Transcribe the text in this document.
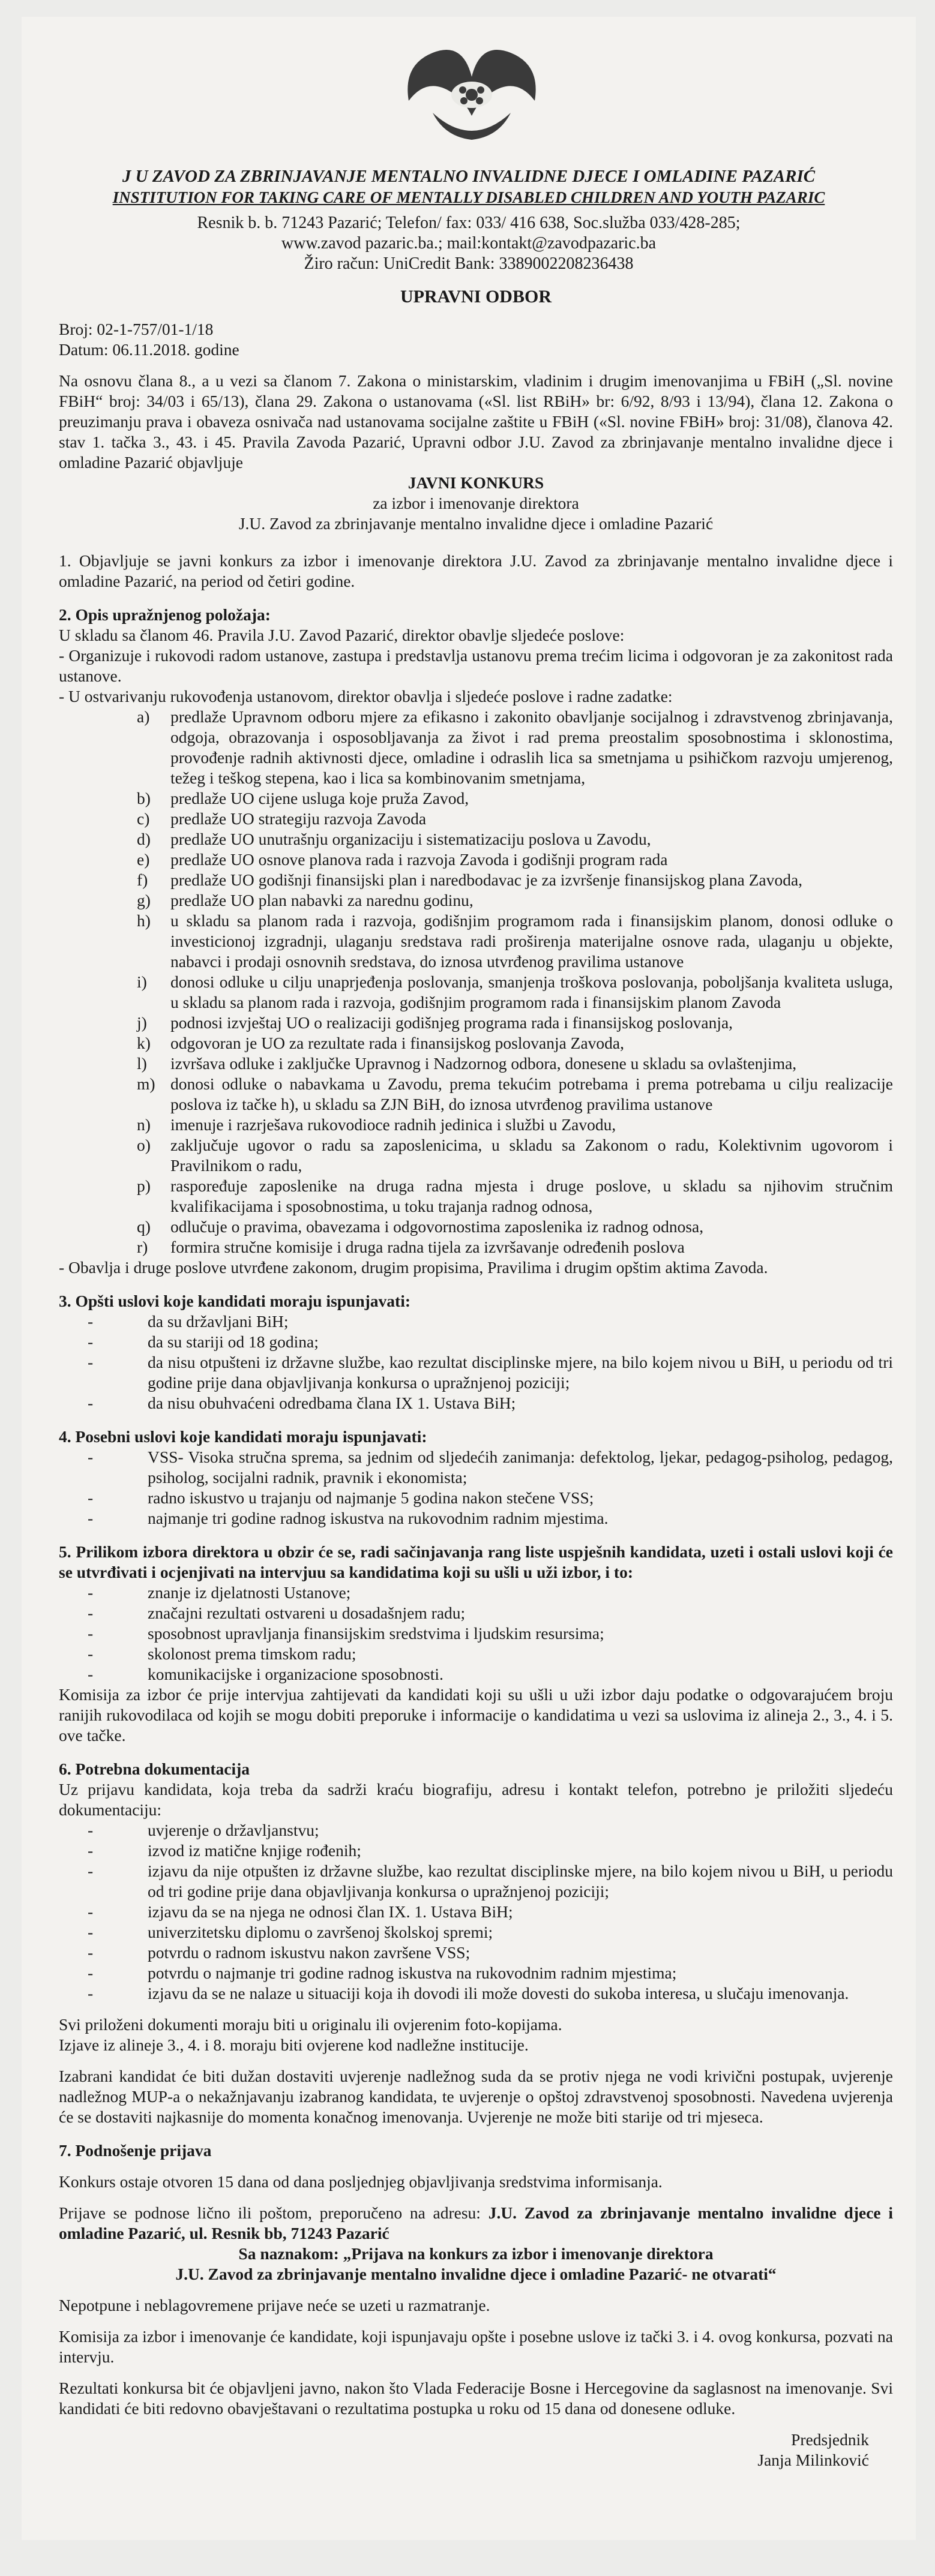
J U ZAVOD ZA ZBRINJAVANJE MENTALNO INVALIDNE DJECE I OMLADINE PAZARIĆ
INSTITUTION FOR TAKING CARE OF MENTALLY DISABLED CHILDREN AND YOUTH PAZARIC
Resnik b. b. 71243 Pazarić; Telefon/ fax: 033/ 416 638, Soc.služba 033/428-285;
www.zavod pazaric.ba.; mail:kontakt@zavodpazaric.ba
Žiro račun: UniCredit Bank: 3389002208236438
UPRAVNI ODBOR

Broj: 02-1-757/01-1/18

Datum: 06.11.2018. godine

Na osnovu člana 8., a u vezi sa članom 7. Zakona o ministarskim, vladinim i drugim imenovanjima u FBiH („Sl. novine FBiH“ broj: 34/03 i 65/13), člana 29. Zakona o ustanovama («Sl. list RBiH» br: 6/92, 8/93 i 13/94), člana 12. Zakona o preuzimanju prava i obaveza osnivača nad ustanovama socijalne zaštite u FBiH («Sl. novine FBiH» broj: 31/08), članova 42. stav 1. tačka 3., 43. i 45. Pravila Zavoda Pazarić, Upravni odbor J.U. Zavod za zbrinjavanje mentalno invalidne djece i omladine Pazarić objavljuje

JAVNI KONKURS

za izbor i imenovanje direktora

J.U. Zavod za zbrinjavanje mentalno invalidne djece i omladine Pazarić

1. Objavljuje se javni konkurs za izbor i imenovanje direktora J.U. Zavod za zbrinjavanje mentalno invalidne djece i omladine Pazarić, na period od četiri godine.

2. Opis upražnjenog položaja:

U skladu sa članom 46. Pravila J.U. Zavod Pazarić, direktor obavlje sljedeće poslove:

- Organizuje i rukovodi radom ustanove, zastupa i predstavlja ustanovu prema trećim licima i odgovoran je za zakonitost rada ustanove.

- U ostvarivanju rukovođenja ustanovom, direktor obavlja i sljedeće poslove i radne zadatke:

a)	predlaže Upravnom odboru mjere za efikasno i zakonito obavljanje socijalnog i zdravstvenog zbrinjavanja, odgoja, obrazovanja i osposobljavanja za život i rad prema preostalim sposobnostima i sklonostima, provođenje radnih aktivnosti djece, omladine i odraslih lica sa smetnjama u psihičkom razvoju umjerenog, težeg i teškog stepena, kao i lica sa kombinovanim smetnjama,
b)	predlaže UO cijene usluga koje pruža Zavod,
c)	predlaže UO strategiju razvoja Zavoda
d)	predlaže UO unutrašnju organizaciju i sistematizaciju poslova u Zavodu,
e)	predlaže UO osnove planova rada i razvoja Zavoda i godišnji program rada
f)	predlaže UO godišnji finansijski plan i naredbodavac je za izvršenje finansijskog plana Zavoda,
g)	predlaže UO plan nabavki za narednu godinu,
h)	u skladu sa planom rada i razvoja, godišnjim programom rada i finansijskim planom, donosi odluke o investicionoj izgradnji, ulaganju sredstava radi proširenja materijalne osnove rada, ulaganju u objekte, nabavci i prodaji osnovnih sredstava, do iznosa utvrđenog pravilima ustanove
i)	donosi odluke u cilju unaprjeđenja poslovanja, smanjenja troškova poslovanja, poboljšanja kvaliteta usluga, u skladu sa planom rada i razvoja, godišnjim programom rada i finansijskim planom Zavoda
j)	podnosi izvještaj UO o realizaciji godišnjeg programa rada i finansijskog poslovanja,
k)	odgovoran je UO za rezultate rada i finansijskog poslovanja Zavoda,
l)	izvršava odluke i zaključke Upravnog i Nadzornog odbora, donesene u skladu sa ovlaštenjima,
m) donosi odluke o nabavkama u Zavodu, prema tekućim potrebama i prema potrebama u cilju realizacije poslova iz tačke h), u skladu sa ZJN BiH, do iznosa utvrđenog pravilima ustanove
n)	imenuje i razrješava rukovodioce radnih jedinica i službi u Zavodu,
o)	zaključuje ugovor o radu sa zaposlenicima, u skladu sa Zakonom o radu, Kolektivnim ugovorom i Pravilnikom o radu,
p)	raspoređuje zaposlenike na druga radna mjesta i druge poslove, u skladu sa njihovim stručnim kvalifikacijama i sposobnostima, u toku trajanja radnog odnosa,
q)	odlučuje o pravima, obavezama i odgovornostima zaposlenika iz radnog odnosa,
r)	formira stručne komisije i druga radna tijela za izvršavanje određenih poslova

- Obavlja i druge poslove utvrđene zakonom, drugim propisima, Pravilima i drugim opštim aktima Zavoda.

3. Opšti uslovi koje kandidati moraju ispunjavati:

-	da su državljani BiH;
-	da su stariji od 18 godina;
-	da nisu otpušteni iz državne službe, kao rezultat disciplinske mjere, na bilo kojem nivou u BiH, u periodu od tri godine prije dana objavljivanja konkursa o upražnjenoj poziciji;
-	da nisu obuhvaćeni odredbama člana IX 1. Ustava BiH;

4. Posebni uslovi koje kandidati moraju ispunjavati:

-	VSS- Visoka stručna sprema, sa jednim od sljedećih zanimanja: defektolog, ljekar, pedagog-psiholog, pedagog, psiholog, socijalni radnik, pravnik i ekonomista;
-	radno iskustvo u trajanju od najmanje 5 godina nakon stečene VSS;
-	najmanje tri godine radnog iskustva na rukovodnim radnim mjestima.

5. Prilikom izbora direktora u obzir će se, radi sačinjavanja rang liste uspješnih kandidata, uzeti i ostali uslovi koji će se utvrđivati i ocjenjivati na intervjuu sa kandidatima koji su ušli u uži izbor, i to:

-	znanje iz djelatnosti Ustanove;
-	značajni rezultati ostvareni u dosadašnjem radu;
-	sposobnost upravljanja finansijskim sredstvima i ljudskim resursima;
-	skolonost prema timskom radu;
-	komunikacijske i organizacione sposobnosti.

Komisija za izbor će prije intervjua zahtijevati da kandidati koji su ušli u uži izbor daju podatke o odgovarajućem broju ranijih rukovodilaca od kojih se mogu dobiti preporuke i informacije o kandidatima u vezi sa uslovima iz alineja 2., 3., 4. i 5. ove tačke.

6. Potrebna dokumentacija

Uz prijavu kandidata, koja treba da sadrži kraću biografiju, adresu i kontakt telefon, potrebno je priložiti sljedeću dokumentaciju:

-	uvjerenje o državljanstvu;
-	izvod iz matične knjige rođenih;
-	izjavu da nije otpušten iz državne službe, kao rezultat disciplinske mjere, na bilo kojem nivou u BiH, u periodu od tri godine prije dana objavljivanja konkursa o upražnjenoj poziciji;
-	izjavu da se na njega ne odnosi član IX. 1. Ustava BiH;
-	univerzitetsku diplomu o završenoj školskoj spremi;
-	potvrdu o radnom iskustvu nakon završene VSS;
-	potvrdu o najmanje tri godine radnog iskustva na rukovodnim radnim mjestima;
-	izjavu da se ne nalaze u situaciji koja ih dovodi ili može dovesti do sukoba interesa, u slučaju imenovanja.

Svi priloženi dokumenti moraju biti u originalu ili ovjerenim foto-kopijama.

Izjave iz alineje 3., 4. i 8. moraju biti ovjerene kod nadležne institucije.

Izabrani kandidat će biti dužan dostaviti uvjerenje nadležnog suda da se protiv njega ne vodi krivični postupak, uvjerenje nadležnog MUP-a o nekažnjavanju izabranog kandidata, te uvjerenje o opštoj zdravstvenoj sposobnosti. Navedena uvjerenja će se dostaviti najkasnije do momenta konačnog imenovanja. Uvjerenje ne može biti starije od tri mjeseca.

7. Podnošenje prijava

Konkurs ostaje otvoren 15 dana od dana posljednjeg objavljivanja sredstvima informisanja.

Prijave se podnose lično ili poštom, preporučeno na adresu: J.U. Zavod za zbrinjavanje mentalno invalidne djece i omladine Pazarić, ul. Resnik bb, 71243 Pazarić

Sa naznakom: „Prijava na konkurs za izbor i imenovanje direktora

J.U. Zavod za zbrinjavanje mentalno invalidne djece i omladine Pazarić- ne otvarati“

Nepotpune i neblagovremene prijave neće se uzeti u razmatranje.

Komisija za izbor i imenovanje će kandidate, koji ispunjavaju opšte i posebne uslove iz tački 3. i 4. ovog konkursa, pozvati na intervju.

Rezultati konkursa bit će objavljeni javno, nakon što Vlada Federacije Bosne i Hercegovine da saglasnost na imenovanje. Svi kandidati će biti redovno obavještavani o rezultatima postupka u roku od 15 dana od donesene odluke.

Predsjednik

Janja Milinković
